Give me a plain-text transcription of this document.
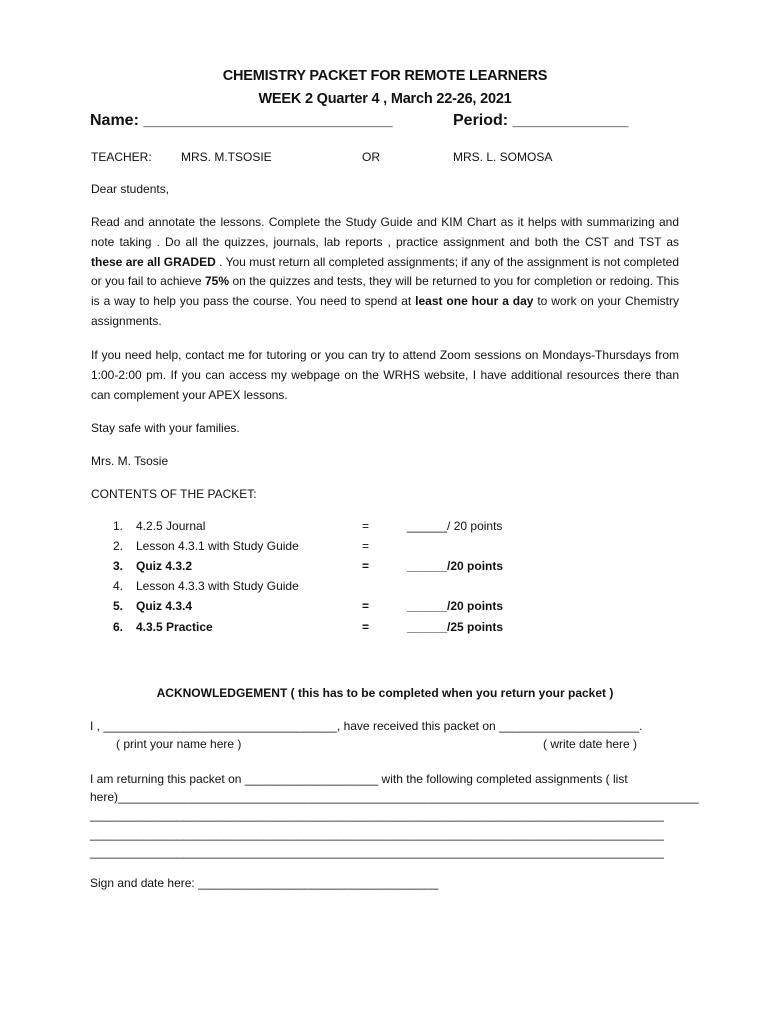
CHEMISTRY PACKET FOR REMOTE LEARNERS
WEEK 2 Quarter 4 , March 22-26, 2021
Name: ____________________________	Period: _____________
TEACHER: MRS. M.TSOSIE	OR	MRS. L. SOMOSA
Dear students,
Read and annotate the lessons. Complete the Study Guide and KIM Chart as it helps with summarizing and note taking . Do all the quizzes, journals, lab reports , practice assignment and both the CST and TST as these are all GRADED . You must return all completed assignments; if any of the assignment is not completed or you fail to achieve 75% on the quizzes and tests, they will be returned to you for completion or redoing. This is a way to help you pass the course. You need to spend at least one hour a day to work on your Chemistry assignments.
If you need help, contact me for tutoring or you can try to attend Zoom sessions on Mondays-Thursdays from 1:00-2:00 pm. If you can access my webpage on the WRHS website, I have additional resources there than can complement your APEX lessons.
Stay safe with your families.
Mrs. M. Tsosie
CONTENTS OF THE PACKET:
1. 4.2.5 Journal	=	______/ 20 points
2. Lesson 4.3.1 with Study Guide	=
3. Quiz 4.3.2	=	______/20 points
4. Lesson 4.3.3 with Study Guide
5. Quiz 4.3.4	=	______/20 points
6. 4.3.5 Practice	=	______/25 points
ACKNOWLEDGEMENT ( this has to be completed when you return your packet )
I , ___________________________________, have received this packet on _____________________.
( print your name here )	( write date here )
I am returning this packet on ____________________ with the following completed assignments ( list
here)_______________________________________________________________________________________
______________________________________________________________________________________
______________________________________________________________________________________
______________________________________________________________________________________
Sign and date here: ____________________________________
